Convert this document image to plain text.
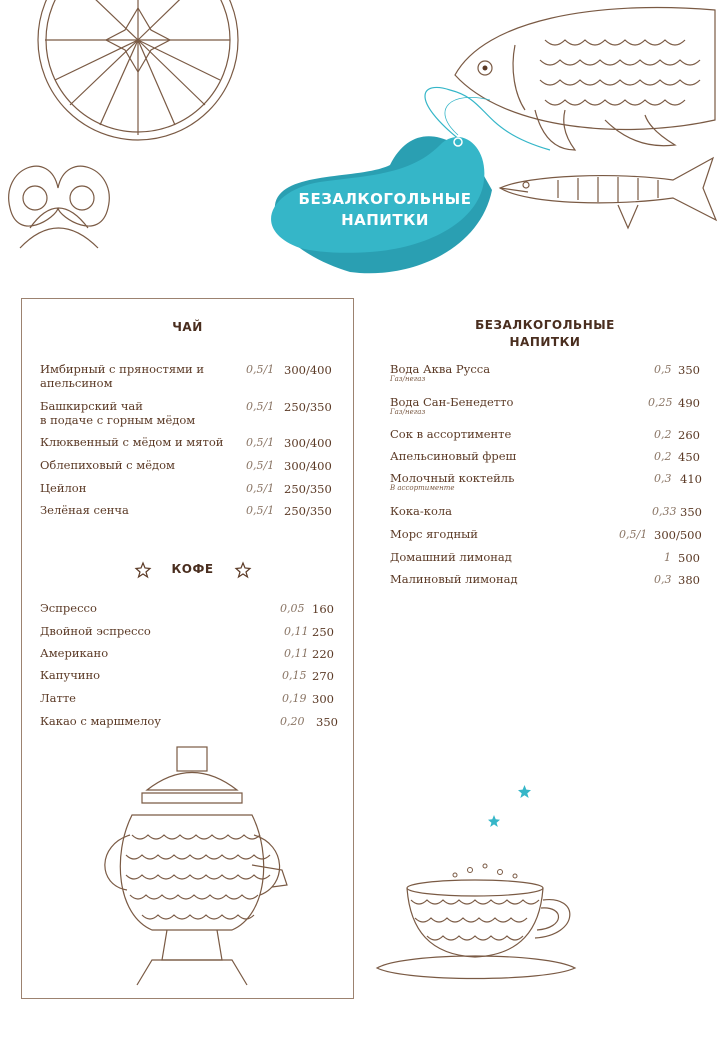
БЕЗАЛКОГОЛЬНЫЕ
НАПИТКИ
ЧАЙ
Имбирный с пряностями и
апельсином
0,5/1 300/400
Башкирский чай
в подаче с горным мёдом
0,5/1 250/350
Клюквенный с мёдом и мятой 0,5/1 300/400
Облепиховый с мёдом	0,5/1 300/400
Цейлон	0,5/1 250/350
Зелёная сенча	0,5/1 250/350
КОФЕ
Эспрессо	0,05 160
Двойной эспрессо	0,11 250
Американо	0,11 220
Капучино	0,15 270
Латте	0,19 300
Какао с маршмелоу	0,20 350
БЕЗАЛКОГОЛЬНЫЕ
НАПИТКИ
Вода Аква Русса
Газ/негаз
0,5 350
Вода Сан-Бенедетто
Газ/негаз
0,25 490
Сок в ассортименте	0,2 260
Апельсиновый фреш	0,2 450
Молочный коктейль
В ассортименте
0,3 410
Кока-кола	0,33 350
Морс ягодный	0,5/1 300/500
Домашний лимонад	1 500
Малиновый лимонад	0,3 380
